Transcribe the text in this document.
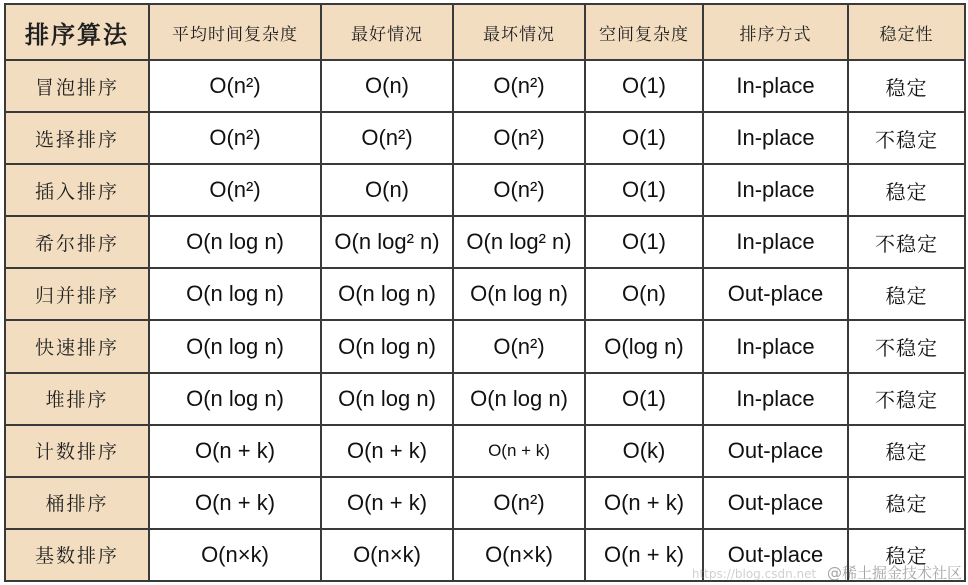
排序算法	平均时间复杂度	最好情况	最坏情况	空间复杂度	排序方式	稳定性
冒泡排序	O(n²)	O(n)	O(n²)	O(1)	In-place	稳定
选择排序	O(n²)	O(n²)	O(n²)	O(1)	In-place	不稳定
插入排序	O(n²)	O(n)	O(n²)	O(1)	In-place	稳定
希尔排序	O(n log n)	O(n log² n)	O(n log² n)	O(1)	In-place	不稳定
归并排序	O(n log n)	O(n log n)	O(n log n)	O(n)	Out-place	稳定
快速排序	O(n log n)	O(n log n)	O(n²)	O(log n)	In-place	不稳定
堆排序	O(n log n)	O(n log n)	O(n log n)	O(1)	In-place	不稳定
计数排序	O(n + k)	O(n + k)	O(n + k)	O(k)	Out-place	稳定
桶排序	O(n + k)	O(n + k)	O(n²)	O(n + k)	Out-place	稳定
基数排序	O(n×k)	O(n×k)	O(n×k)	O(n + k)	Out-place	稳定
https://blog.csdn.net @稀土掘金技术社区
